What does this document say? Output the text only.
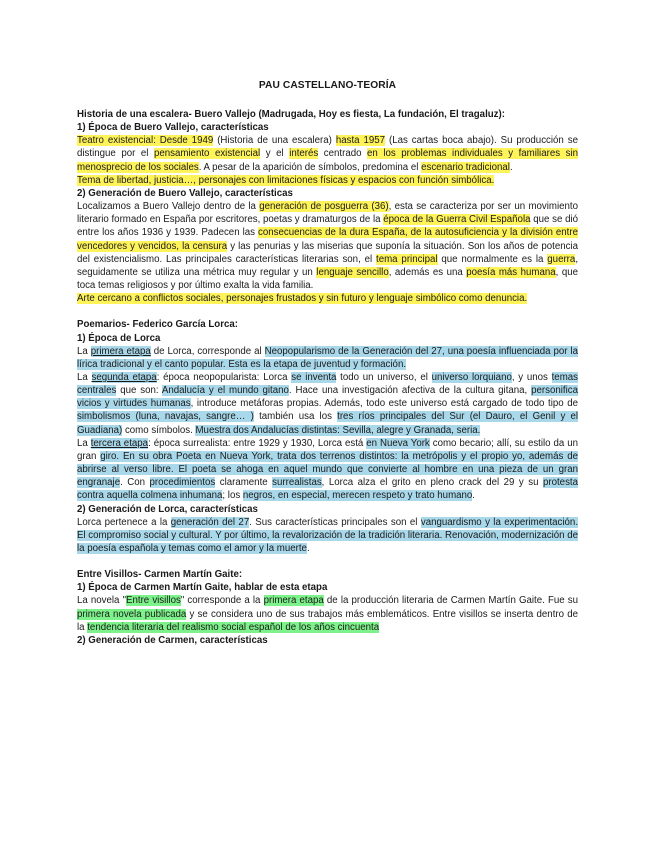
PAU CASTELLANO-TEORÍA

Historia de una escalera- Buero Vallejo (Madrugada, Hoy es fiesta, La fundación, El tragaluz):

1) Época de Buero Vallejo, características

Teatro existencial: Desde 1949 (Historia de una escalera) hasta 1957 (Las cartas boca abajo). Su producción se distingue por el pensamiento existencial y el interés centrado en los problemas individuales y familiares sin menosprecio de los sociales. A pesar de la aparición de símbolos, predomina el escenario tradicional.

Tema de libertad, justicia…, personajes con limitaciones físicas y espacios con función simbólica.

2) Generación de Buero Vallejo, características

Localizamos a Buero Vallejo dentro de la generación de posguerra (36), esta se caracteriza por ser un movimiento literario formado en España por escritores, poetas y dramaturgos de la época de la Guerra Civil Española que se dió entre los años 1936 y 1939. Padecen las consecuencias de la dura España, de la autosuficiencia y la división entre vencedores y vencidos, la censura y las penurias y las miserias que suponía la situación. Son los años de potencia del existencialismo. Las principales características literarias son, el tema principal que normalmente es la guerra, seguidamente se utiliza una métrica muy regular y un lenguaje sencillo, además es una poesía más humana, que toca temas religiosos y por último exalta la vida familia.

Arte cercano a conflictos sociales, personajes frustados y sin futuro y lenguaje simbólico como denuncia.

Poemarios- Federico García Lorca:

1) Época de Lorca

La primera etapa de Lorca, corresponde al Neopopularismo de la Generación del 27, una poesía influenciada por la lírica tradicional y el canto popular. Esta es la etapa de juventud y formación.

La segunda etapa: época neopopularista: Lorca se inventa todo un universo, el universo lorquiano, y unos temas centrales que son: Andalucía y el mundo gitano. Hace una investigación afectiva de la cultura gitana, personifica vicios y virtudes humanas, introduce metáforas propias. Además, todo este universo está cargado de todo tipo de simbolismos (luna, navajas, sangre… ) también usa los tres ríos principales del Sur (el Dauro, el Genil y el Guadiana) como símbolos. Muestra dos Andalucías distintas: Sevilla, alegre y Granada, seria.

La tercera etapa: época surrealista: entre 1929 y 1930, Lorca está en Nueva York como becario; allí, su estilo da un gran giro. En su obra Poeta en Nueva York, trata dos terrenos distintos: la metrópolis y el propio yo, además de abrirse al verso libre. El poeta se ahoga en aquel mundo que convierte al hombre en una pieza de un gran engranaje. Con procedimientos claramente surrealistas, Lorca alza el grito en pleno crack del 29 y su protesta contra aquella colmena inhumana; los negros, en especial, merecen respeto y trato humano.

2) Generación de Lorca, características

Lorca pertenece a la generación del 27. Sus características principales son el vanguardismo y la experimentación. El compromiso social y cultural. Y por último, la revalorización de la tradición literaria. Renovación, modernización de la poesía española y temas como el amor y la muerte.

Entre Visillos- Carmen Martín Gaite:

1) Época de Carmen Martín Gaite, hablar de esta etapa

La novela "Entre visillos" corresponde a la primera etapa de la producción literaria de Carmen Martín Gaite. Fue su primera novela publicada y se considera uno de sus trabajos más emblemáticos. Entre visillos se inserta dentro de la tendencia literaria del realismo social español de los años cincuenta

2) Generación de Carmen, características
